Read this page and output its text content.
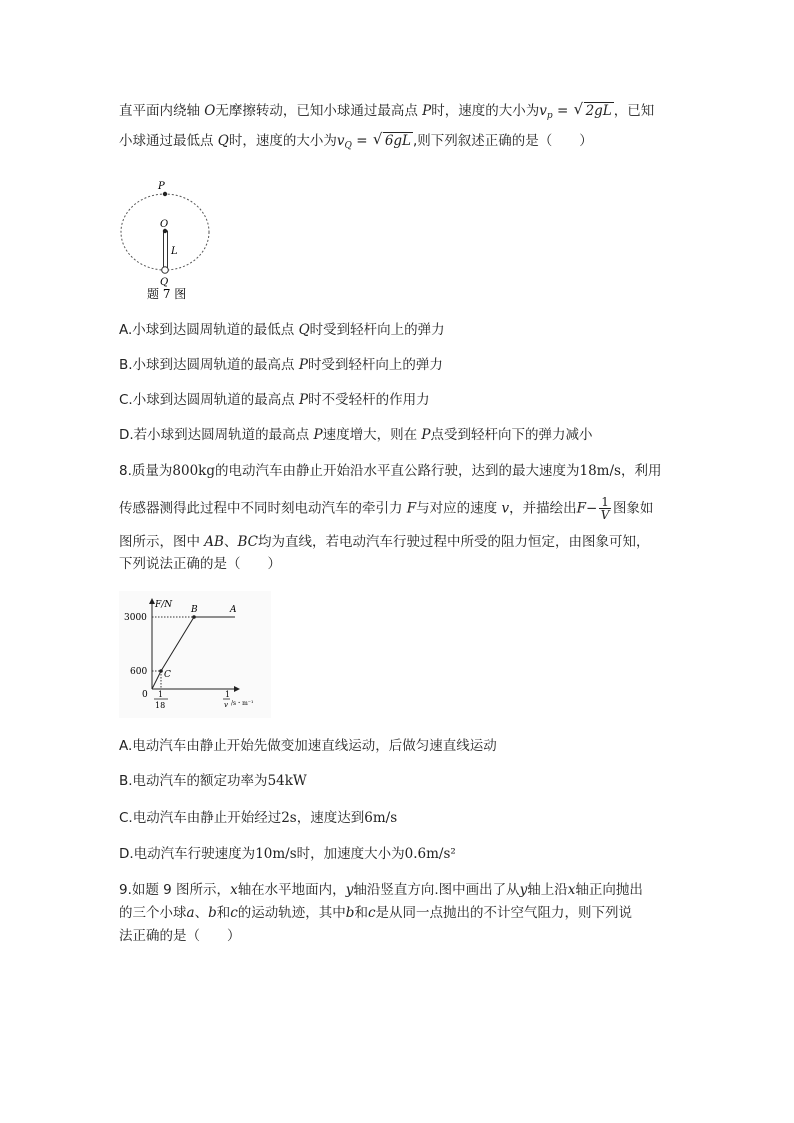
直平面内绕轴 O无摩擦转动，已知小球通过最高点 P时，速度的大小为$v_p$ = √ 2gL ，已知
小球通过最低点 Q时，速度的大小为$v_Q$ = √ 6gL ,则下列叙述正确的是（　　）
P
O
L
Q
题 7 图
A.小球到达圆周轨道的最低点 Q时受到轻杆向上的弹力
B.小球到达圆周轨道的最高点 P时受到轻杆向上的弹力
C.小球到达圆周轨道的最高点 P时不受轻杆的作用力
D.若小球到达圆周轨道的最高点 P速度增大，则在 P点受到轻杆向下的弹力减小
8.质量为800kg的电动汽车由静止开始沿水平直公路行驶，达到的最大速度为18m/s，利用
传感器测得此过程中不同时刻电动汽车的牵引力 F与对应的速度 v，并描绘出$F- \frac{1}{V}$ 图象如
图所示，图中 AB、BC均为直线，若电动汽车行驶过程中所受的阻力恒定，由图象可知，
下列说法正确的是（　　）
F/N
3000
600
0
B	A
C
1
18
1
v /s・m⁻¹
A.电动汽车由静止开始先做变加速直线运动，后做匀速直线运动
B.电动汽车的额定功率为54kW
C.电动汽车由静止开始经过2s，速度达到6m/s
D.电动汽车行驶速度为10m/s时，加速度大小为0.6m/s²
9.如题 9 图所示，x轴在水平地面内，y轴沿竖直方向.图中画出了从y轴上沿x轴正向抛出
的三个小球a、b和c的运动轨迹，其中b和c是从同一点抛出的不计空气阻力，则下列说
法正确的是（　　）
